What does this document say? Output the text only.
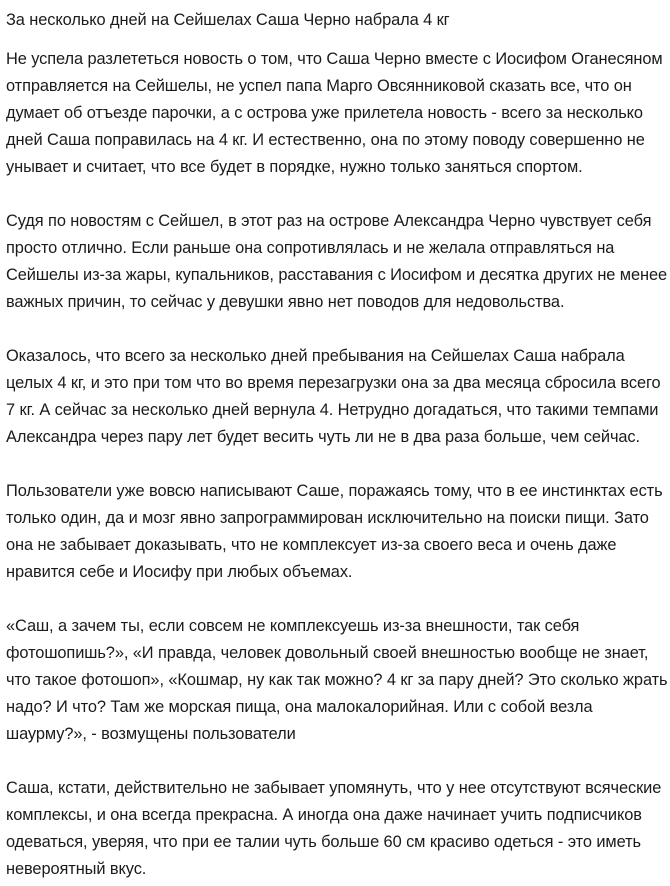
За несколько дней на Сейшелах Саша Черно набрала 4 кг

Не успела разлететься новость о том, что Саша Черно вместе с Иосифом Оганесяном отправляется на Сейшелы, не успел папа Марго Овсянниковой сказать все, что он думает об отъезде парочки, а с острова уже прилетела новость - всего за несколько дней Саша поправилась на 4 кг. И естественно, она по этому поводу совершенно не унывает и считает, что все будет в порядке, нужно только заняться спортом.

Судя по новостям с Сейшел, в этот раз на острове Александра Черно чувствует себя просто отлично. Если раньше она сопротивлялась и не желала отправляться на Сейшелы из-за жары, купальников, расставания с Иосифом и десятка других не менее важных причин, то сейчас у девушки явно нет поводов для недовольства.

Оказалось, что всего за несколько дней пребывания на Сейшелах Саша набрала целых 4 кг, и это при том что во время перезагрузки она за два месяца сбросила всего 7 кг. А сейчас за несколько дней вернула 4. Нетрудно догадаться, что такими темпами Александра через пару лет будет весить чуть ли не в два раза больше, чем сейчас.

Пользователи уже вовсю написывают Саше, поражаясь тому, что в ее инстинктах есть только один, да и мозг явно запрограммирован исключительно на поиски пищи. Зато она не забывает доказывать, что не комплексует из-за своего веса и очень даже нравится себе и Иосифу при любых объемах.

«Саш, а зачем ты, если совсем не комплексуешь из-за внешности, так себя фотошопишь?», «И правда, человек довольный своей внешностью вообще не знает, что такое фотошоп», «Кошмар, ну как так можно? 4 кг за пару дней? Это сколько жрать надо? И что? Там же морская пища, она малокалорийная. Или с собой везла шаурму?», - возмущены пользователи

Саша, кстати, действительно не забывает упомянуть, что у нее отсутствуют всяческие комплексы, и она всегда прекрасна. А иногда она даже начинает учить подписчиков одеваться, уверяя, что при ее талии чуть больше 60 см красиво одеться - это иметь невероятный вкус.
